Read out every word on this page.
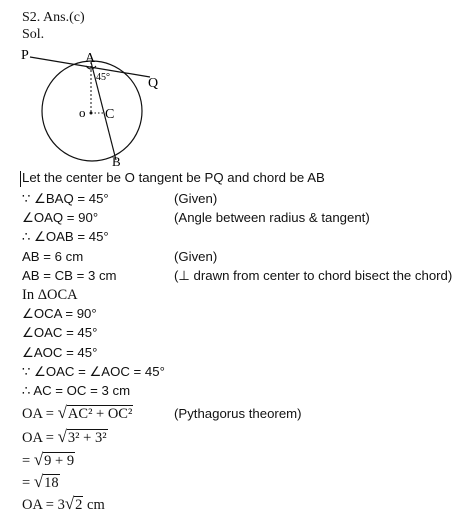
S2. Ans.(c)
Sol.
P	A
Q
45°
o C
B
Let the center be O tangent be PQ and chord be AB
∵ ∠BAQ = 45°	(Given)
∠OAQ = 90°	(Angle between radius & tangent)
∴ ∠OAB = 45°
AB = 6 cm	(Given)
AB = CB = 3 cm	(⊥ drawn from center to chord bisect the chord)
In ΔOCA
∠OCA = 90°
∠OAC = 45°
∠AOC = 45°
∵ ∠OAC = ∠AOC = 45°
∴ AC = OC = 3 cm
OA = √AC² + OC²	(Pythagorus theorem)
OA = √3² + 3²
= √9 + 9
= √18
OA = 3√2 cm
